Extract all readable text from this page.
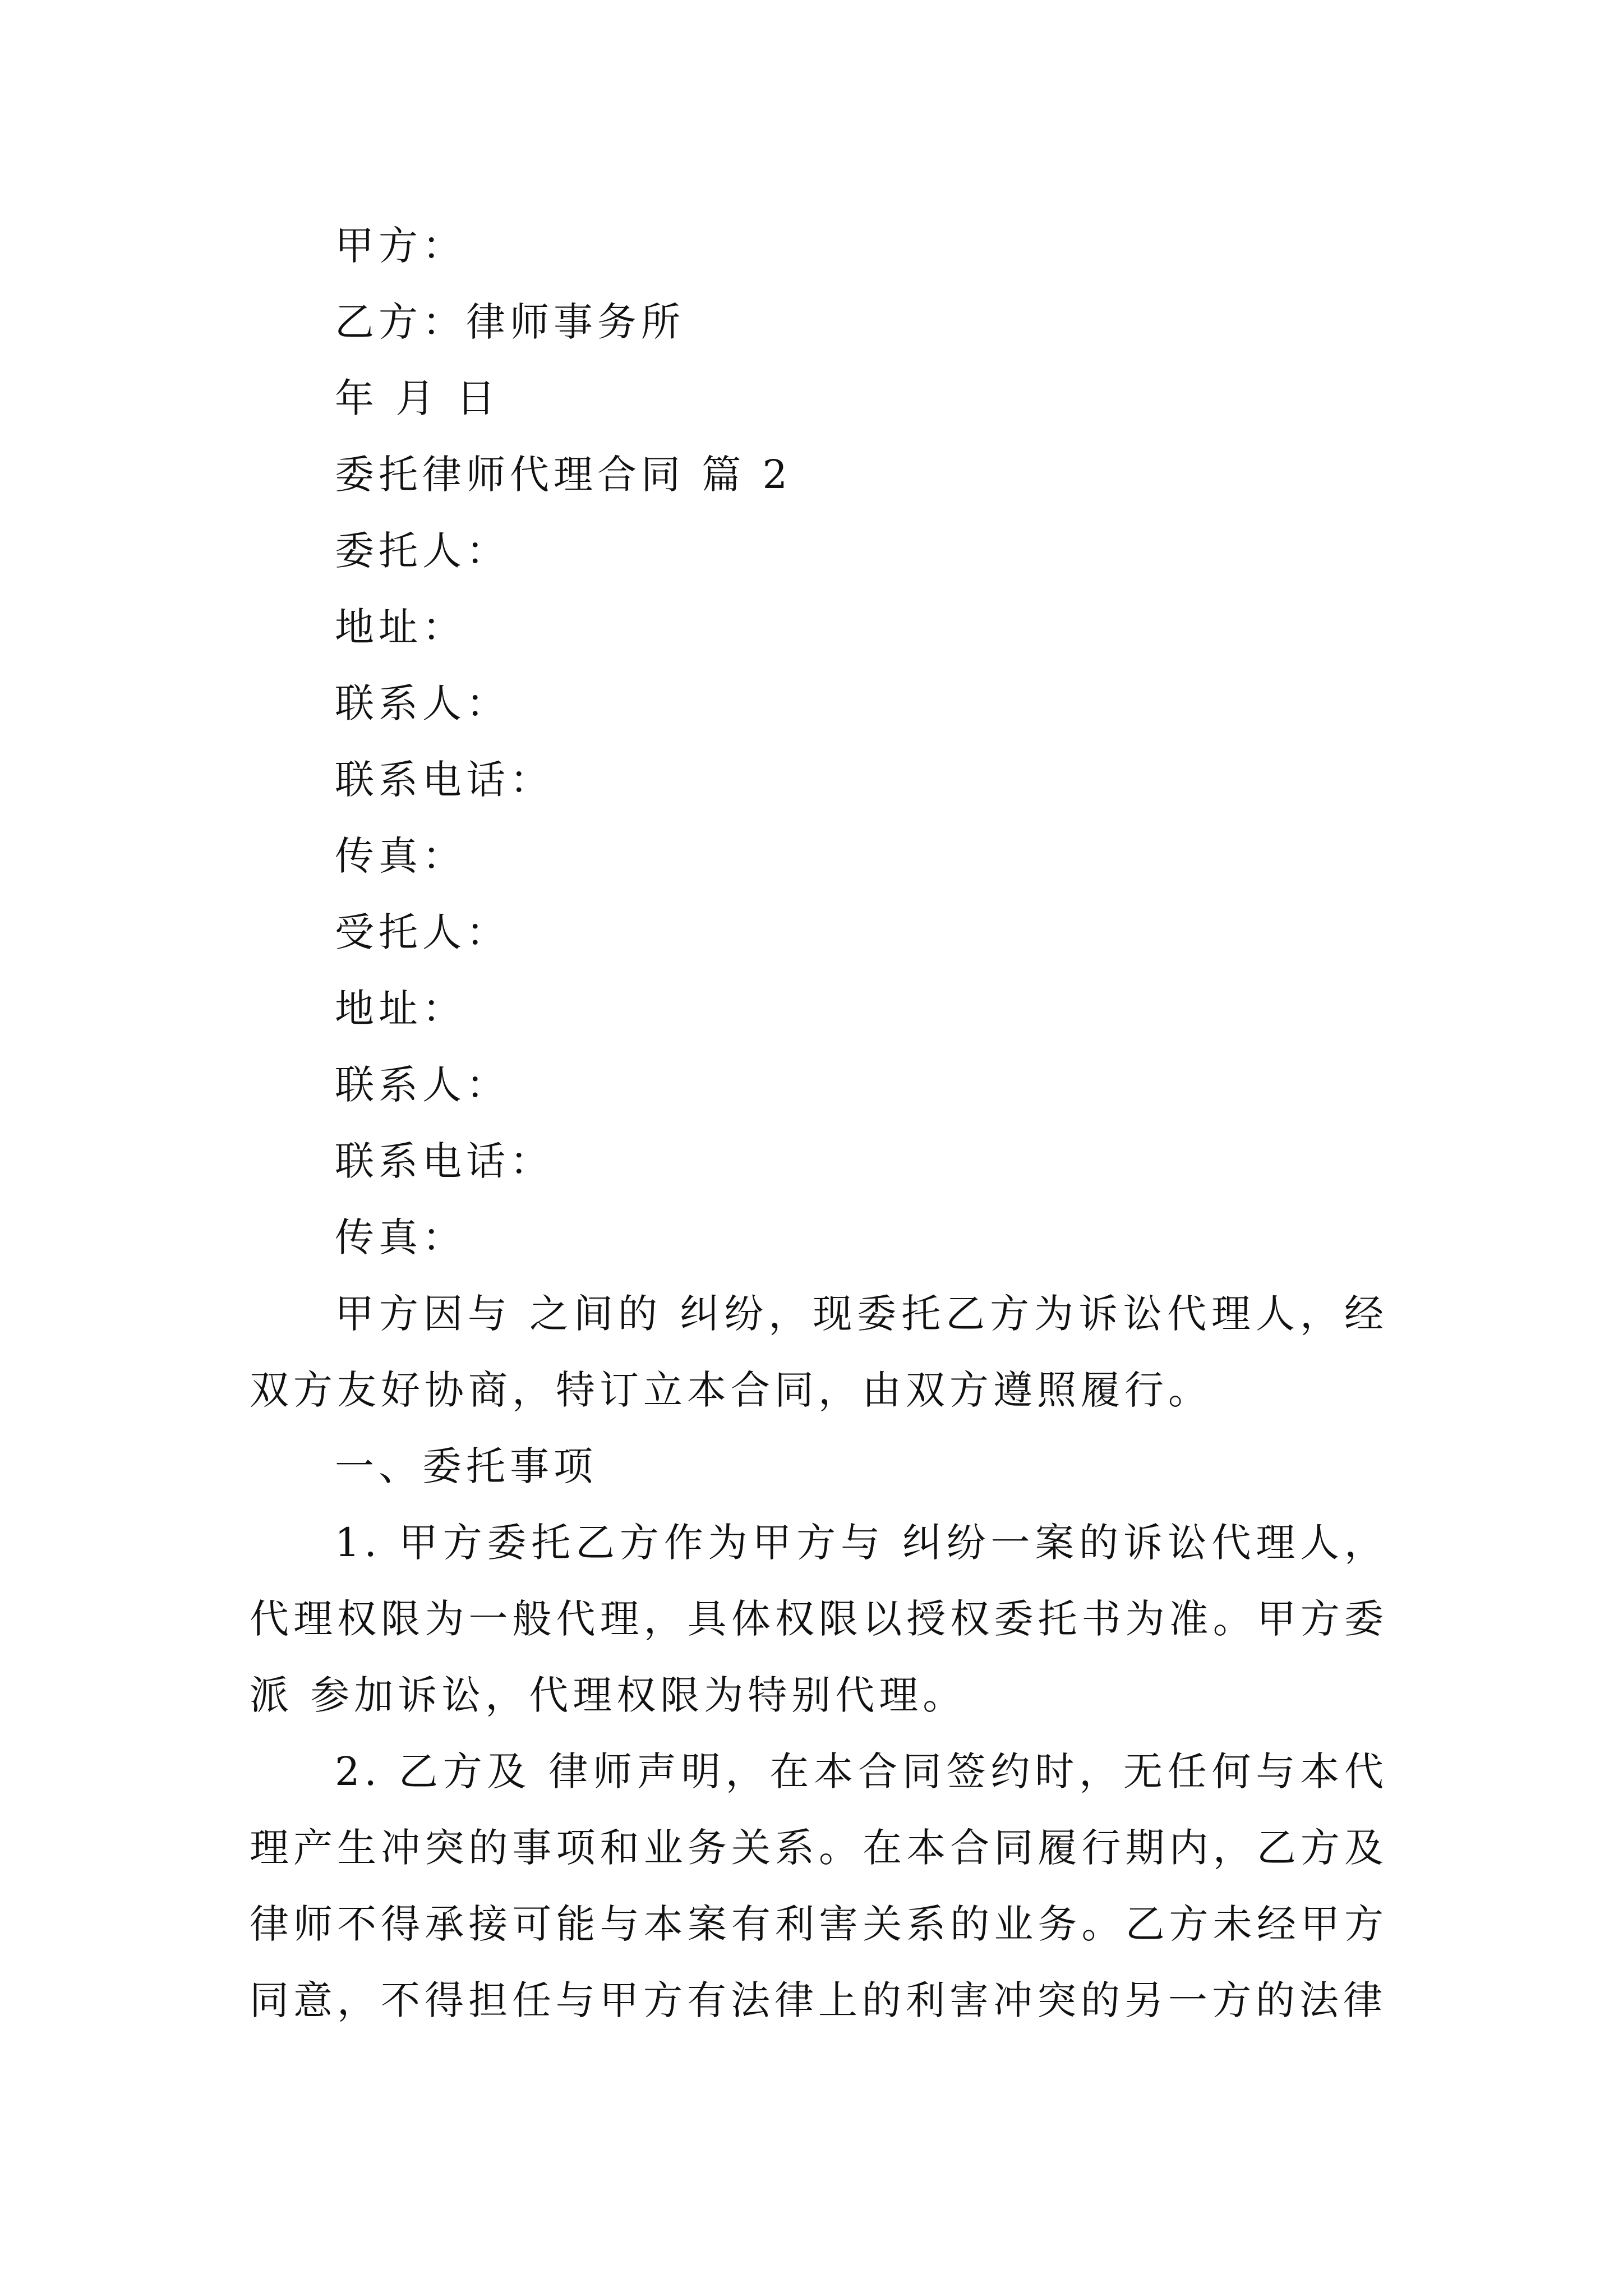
甲方：

乙方：律师事务所

年 月 日

委托律师代理合同 篇 2

委托人：

地址：

联系人：

联系电话：

传真：

受托人：

地址：

联系人：

联系电话：

传真：

甲方因与 之间的 纠纷，现委托乙方为诉讼代理人，经双方友好协商，特订立本合同，由双方遵照履行。

一、委托事项

1. 甲方委托乙方作为甲方与 纠纷一案的诉讼代理人，代理权限为一般代理，具体权限以授权委托书为准。甲方委派 参加诉讼，代理权限为特别代理。

2. 乙方及 律师声明，在本合同签约时，无任何与本代理产生冲突的事项和业务关系。在本合同履行期内，乙方及律师不得承接可能与本案有利害关系的业务。乙方未经甲方同意，不得担任与甲方有法律上的利害冲突的另一方的法律
